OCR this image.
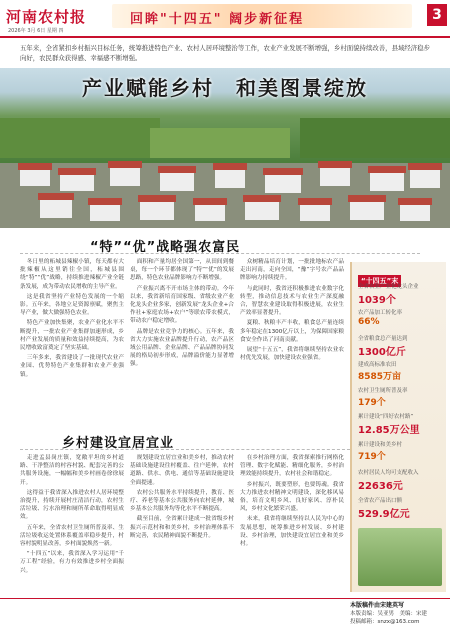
河南农村报
2026年 3月 6日 星期 四
回眸"十四五" 阔步新征程	3
五年来，全省紧扣乡村振兴目标任务，统筹推进特色产业、农村人居环境整治等工作，农业产业发展不断增强，乡村面貌持续改善，县域经济稳步向好，农民群众获得感、幸福感不断增强。
产业赋能乡村　和美图景绽放
“特”“优”战略强农富民

冬日里的柘城县辣椒小镇，每天都有大批辣椒从这里销往全国，柘城县围绕“特”“优”战略，持续推进辣椒产业全链条发展，成为带动农民增收的主导产业。

这是我省坚持产业特色发展的一个缩影。五年来，各地立足资源禀赋，聚焦主导产业，做大做强特色农业。

特色产业加快集聚，农业产业化水平不断提升，一批农业产业集群加速形成，乡村产业发展的质量和效益持续提高，为农民增收致富奠定了坚实基础。

三年多来，我省建设了一批现代农业产业园、优势特色产业集群和农业产业强镇。

面积和产量均居全国第一，从田间到餐桌，每一个环节都体现了“特”“优”的发展思路，特色农业品牌影响力不断增强。

产业振兴离不开市场主体的带动。今年以来，我省新培育国家级、省级农业产业化龙头企业多家，创新发展“龙头企业+合作社+家庭农场+农户”等联农带农模式，带动农户稳定增收。

品牌是农业竞争力的核心。五年来，我省大力实施农业品牌提升行动，农产品区域公用品牌、企业品牌、产品品牌协同发展的格局初步形成，品牌溢价能力显著增强。

众树精品培育计划，一批批地标农产品走出河南，走向全国，“豫”字号农产品品牌影响力持续提升。

与此同时，我省还积极推进农业数字化转型，推动信息技术与农业生产深度融合，智慧农业建设取得积极进展，农业生产效率显著提升。

夏粮、秋粮丰产丰收，粮食总产量连续多年稳定在1300亿斤以上，为保障国家粮食安全作出了河南贡献。

展望“十五五”，我省将继续坚持农业农村优先发展，加快建设农业强省。

“十四五”末
全省农业产业化龙头企业
1039个
农产品加工转化率
66%
全省粮食总产量达到
1300亿斤
建成高标准农田
8585万亩
农村卫生厕所普及率
179个
累计建设“四好农村路”
12.85万公里
累计建设和美乡村
719个
农村居民人均可支配收入
22636元
全省农产品出口额
529.9亿元
乡村建设宜居宜业

走进孟县岗庄镇，宽敞平坦的乡村道路、干净整洁的村容村貌、配套完善的公共服务设施，一幅幅和美乡村画卷徐徐展开。

这得益于我省深入推进农村人居环境整治提升，持续开展村庄清洁行动，农村生活垃圾、污水治理和厕所革命取得明显成效。

五年来，全省农村卫生厕所普及率、生活垃圾收运处置体系覆盖率稳步提升，村容村貌明显改善，乡村面貌焕然一新。

“十四五”以来，我省深入学习运用“千万工程”经验，有力有效推进乡村全面振兴。

规划建设宜居宜业和美乡村，推动农村基础设施建设往村覆盖、往户延伸，农村道路、供水、供电、通信等基础设施建设全面提速。

农村公共服务水平持续提升，教育、医疗、养老等基本公共服务向农村延伸，城乡基本公共服务均等化水平不断提高。

截至目前，全省累计建成一批省级乡村振兴示范村和和美乡村，乡村治理体系不断完善，农民精神面貌不断提升。

在乡村治理方面，我省探索推行网格化管理、数字化赋能、精细化服务，乡村治理效能持续提升，农村社会和谐稳定。

乡村振兴，既要塑形，也要铸魂。我省大力推进农村精神文明建设，深化移风易俗，培育文明乡风、良好家风、淳朴民风，乡村文化繁荣兴盛。

未来，我省将继续坚持以人民为中心的发展思想，统筹推进乡村发展、乡村建设、乡村治理，加快建设宜居宜业和美乡村。

本版稿件由宋建英写
本版责编：吴亚男　美编：宋建
投稿邮箱：snzx@163.com
